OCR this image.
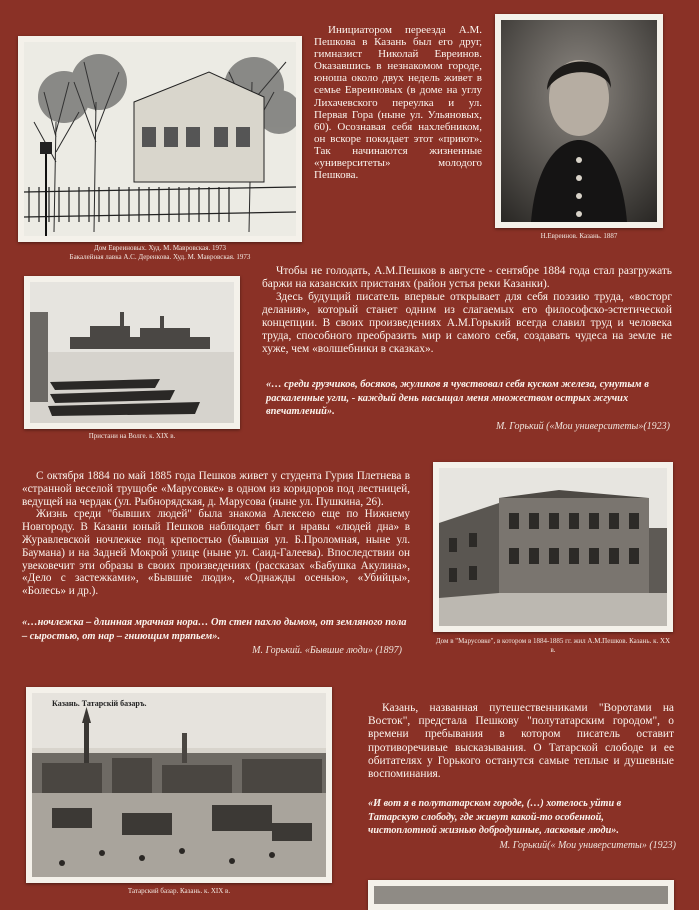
Дом Евреиновых. Худ. М. Мавровская. 1973
Бакалейная лавка А.С. Деренкова. Худ. М. Мавровская. 1973

Инициатором переезда А.М. Пешкова в Казань был его друг, гимназист Николай Евреинов. Оказавшись в незнакомом городе, юноша около двух недель живет в семье Евреиновых (в доме на углу Лихачевского переулка и ул. Первая Гора (ныне ул. Ульяновых, 60). Осознавая себя нахлебником, он вскоре покидает этот «приют». Так начинаются жизненные «университеты» молодого Пешкова.

Н.Евреинов. Казань. 1887
Пристани на Волге. к. XIX в.

Чтобы не голодать, А.М.Пешков в августе - сентябре 1884 года стал разгружать баржи на казанских пристанях (район устья реки Казанки).

Здесь будущий писатель впервые открывает для себя поэзию труда, «восторг делания», который станет одним из слагаемых его философско-эстетической концепции. В своих произведениях А.М.Горький всегда славил труд и человека труда, способного преобразить мир и самого себя, создавать чудеса на земле не хуже, чем «волшебники в сказках».

«… среди грузчиков, босяков, жуликов я чувствовал себя куском железа, сунутым в раскаленные угли, - каждый день насыщал меня множеством острых жгучих впечатлений».
М. Горький («Мои университеты»(1923)

С октября 1884 по май 1885 года Пешков живет у студента Гурия Плетнева в «странной веселой трущобе «Марусовке» в одном из коридоров под лестницей, ведущей на чердак (ул. Рыбнорядская, д. Марусова (ныне ул. Пушкина, 26).

Жизнь среди "бывших людей" была знакома Алексею еще по Нижнему Новгороду. В Казани юный Пешков наблюдает быт и нравы «людей дна» в Журавлевской ночлежке под крепостью (бывшая ул. Б.Проломная, ныне ул. Баумана) и на Задней Мокрой улице (ныне ул. Саид-Галеева). Впоследствии он увековечит эти образы в своих произведениях (рассказах «Бабушка Акулина», «Дело с застежками», «Бывшие люди», «Однажды осенью», «Убийцы», «Болесь» и др.).

«…ночлежка – длинная мрачная нора… От стен пахло дымом, от земляного пола – сыростью, от нар – гниющим тряпьем».
М. Горький. «Бывшие люди» (1897)
Дом в "Марусовке", в котором в 1884-1885 гг. жил А.М.Пешков. Казань. к. XX в.
Казань. Татарскій базаръ.
Татарский базар. Казань. к. XIX в.

Казань, названная путешественниками "Воротами на Восток", предстала Пешкову "полутатарским городом", о времени пребывания в котором писатель оставит противоречивые высказывания. О Татарской слободе и ее обитателях у Горького останутся самые теплые и душевные воспоминания.

«И вот я в полутатарском городе, (…) хотелось уйти в Татарскую слободу, где живут какой-то особенной, чистоплотной жизнью добродушные, ласковые люди».
М. Горький(« Мои университеты» (1923)
